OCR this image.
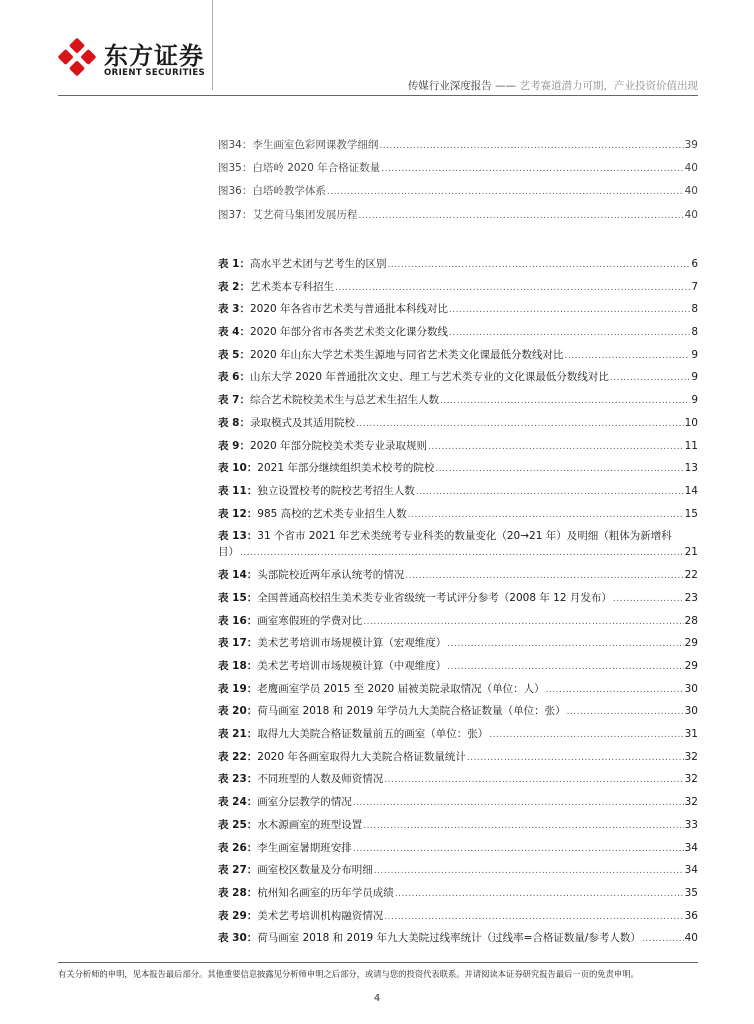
东方证券
ORIENT SECURITIES
传媒行业深度报告 —— 艺考赛道潜力可期，产业投资价值出现
图34：李生画室色彩网课教学细纲 .....	39
图35：白塔岭 2020 年合格证数量 .....	40
图36：白塔岭教学体系 .....	40
图37：艾艺荷马集团发展历程 .....	40
表 1：高水平艺术团与艺考生的区别 .....	6
表 2：艺术类本专科招生 .....	7
表 3：2020 年各省市艺术类与普通批本科线对比 .....	8
表 4：2020 年部分省市各类艺术类文化课分数线 .....	8
表 5：2020 年山东大学艺术类生源地与同省艺术类文化课最低分数线对比 .....	9
表 6：山东大学 2020 年普通批次文史、理工与艺术类专业的文化课最低分数线对比 .....	9
表 7：综合艺术院校美术生与总艺术生招生人数 .....	9
表 8：录取模式及其适用院校 .....	10
表 9：2020 年部分院校美术类专业录取规则 .....	11
表 10：2021 年部分继续组织美术校考的院校 .....	13
表 11：独立设置校考的院校艺考招生人数 .....	14
表 12：985 高校的艺术类专业招生人数 .....	15
表 13：31 个省市 2021 年艺术类统考专业科类的数量变化（20→21 年）及明细（粗体为新增科
目） .....	21
表 14：头部院校近两年承认统考的情况 .....	22
表 15：全国普通高校招生美术类专业省级统一考试评分参考（2008 年 12 月发布） .....	23
表 16：画室寒假班的学费对比 .....	28
表 17：美术艺考培训市场规模计算（宏观维度） .....	29
表 18：美术艺考培训市场规模计算（中观维度） .....	29
表 19：老鹰画室学员 2015 至 2020 届被美院录取情况（单位：人） .....	30
表 20：荷马画室 2018 和 2019 年学员九大美院合格证数量（单位：张） .....	30
表 21：取得九大美院合格证数量前五的画室（单位：张） .....	31
表 22：2020 年各画室取得九大美院合格证数量统计 .....	32
表 23：不同班型的人数及师资情况 .....	32
表 24：画室分层教学的情况 .....	32
表 25：水木源画室的班型设置 .....	33
表 26：李生画室暑期班安排 .....	34
表 27：画室校区数量及分布明细 .....	34
表 28：杭州知名画室的历年学员成绩 .....	35
表 29：美术艺考培训机构融资情况 .....	36
表 30：荷马画室 2018 和 2019 年九大美院过线率统计（过线率=合格证数量/参考人数） .....	40
有关分析师的申明，见本报告最后部分。其他重要信息披露见分析师申明之后部分，或请与您的投资代表联系。并请阅读本证券研究报告最后一页的免责申明。
4
